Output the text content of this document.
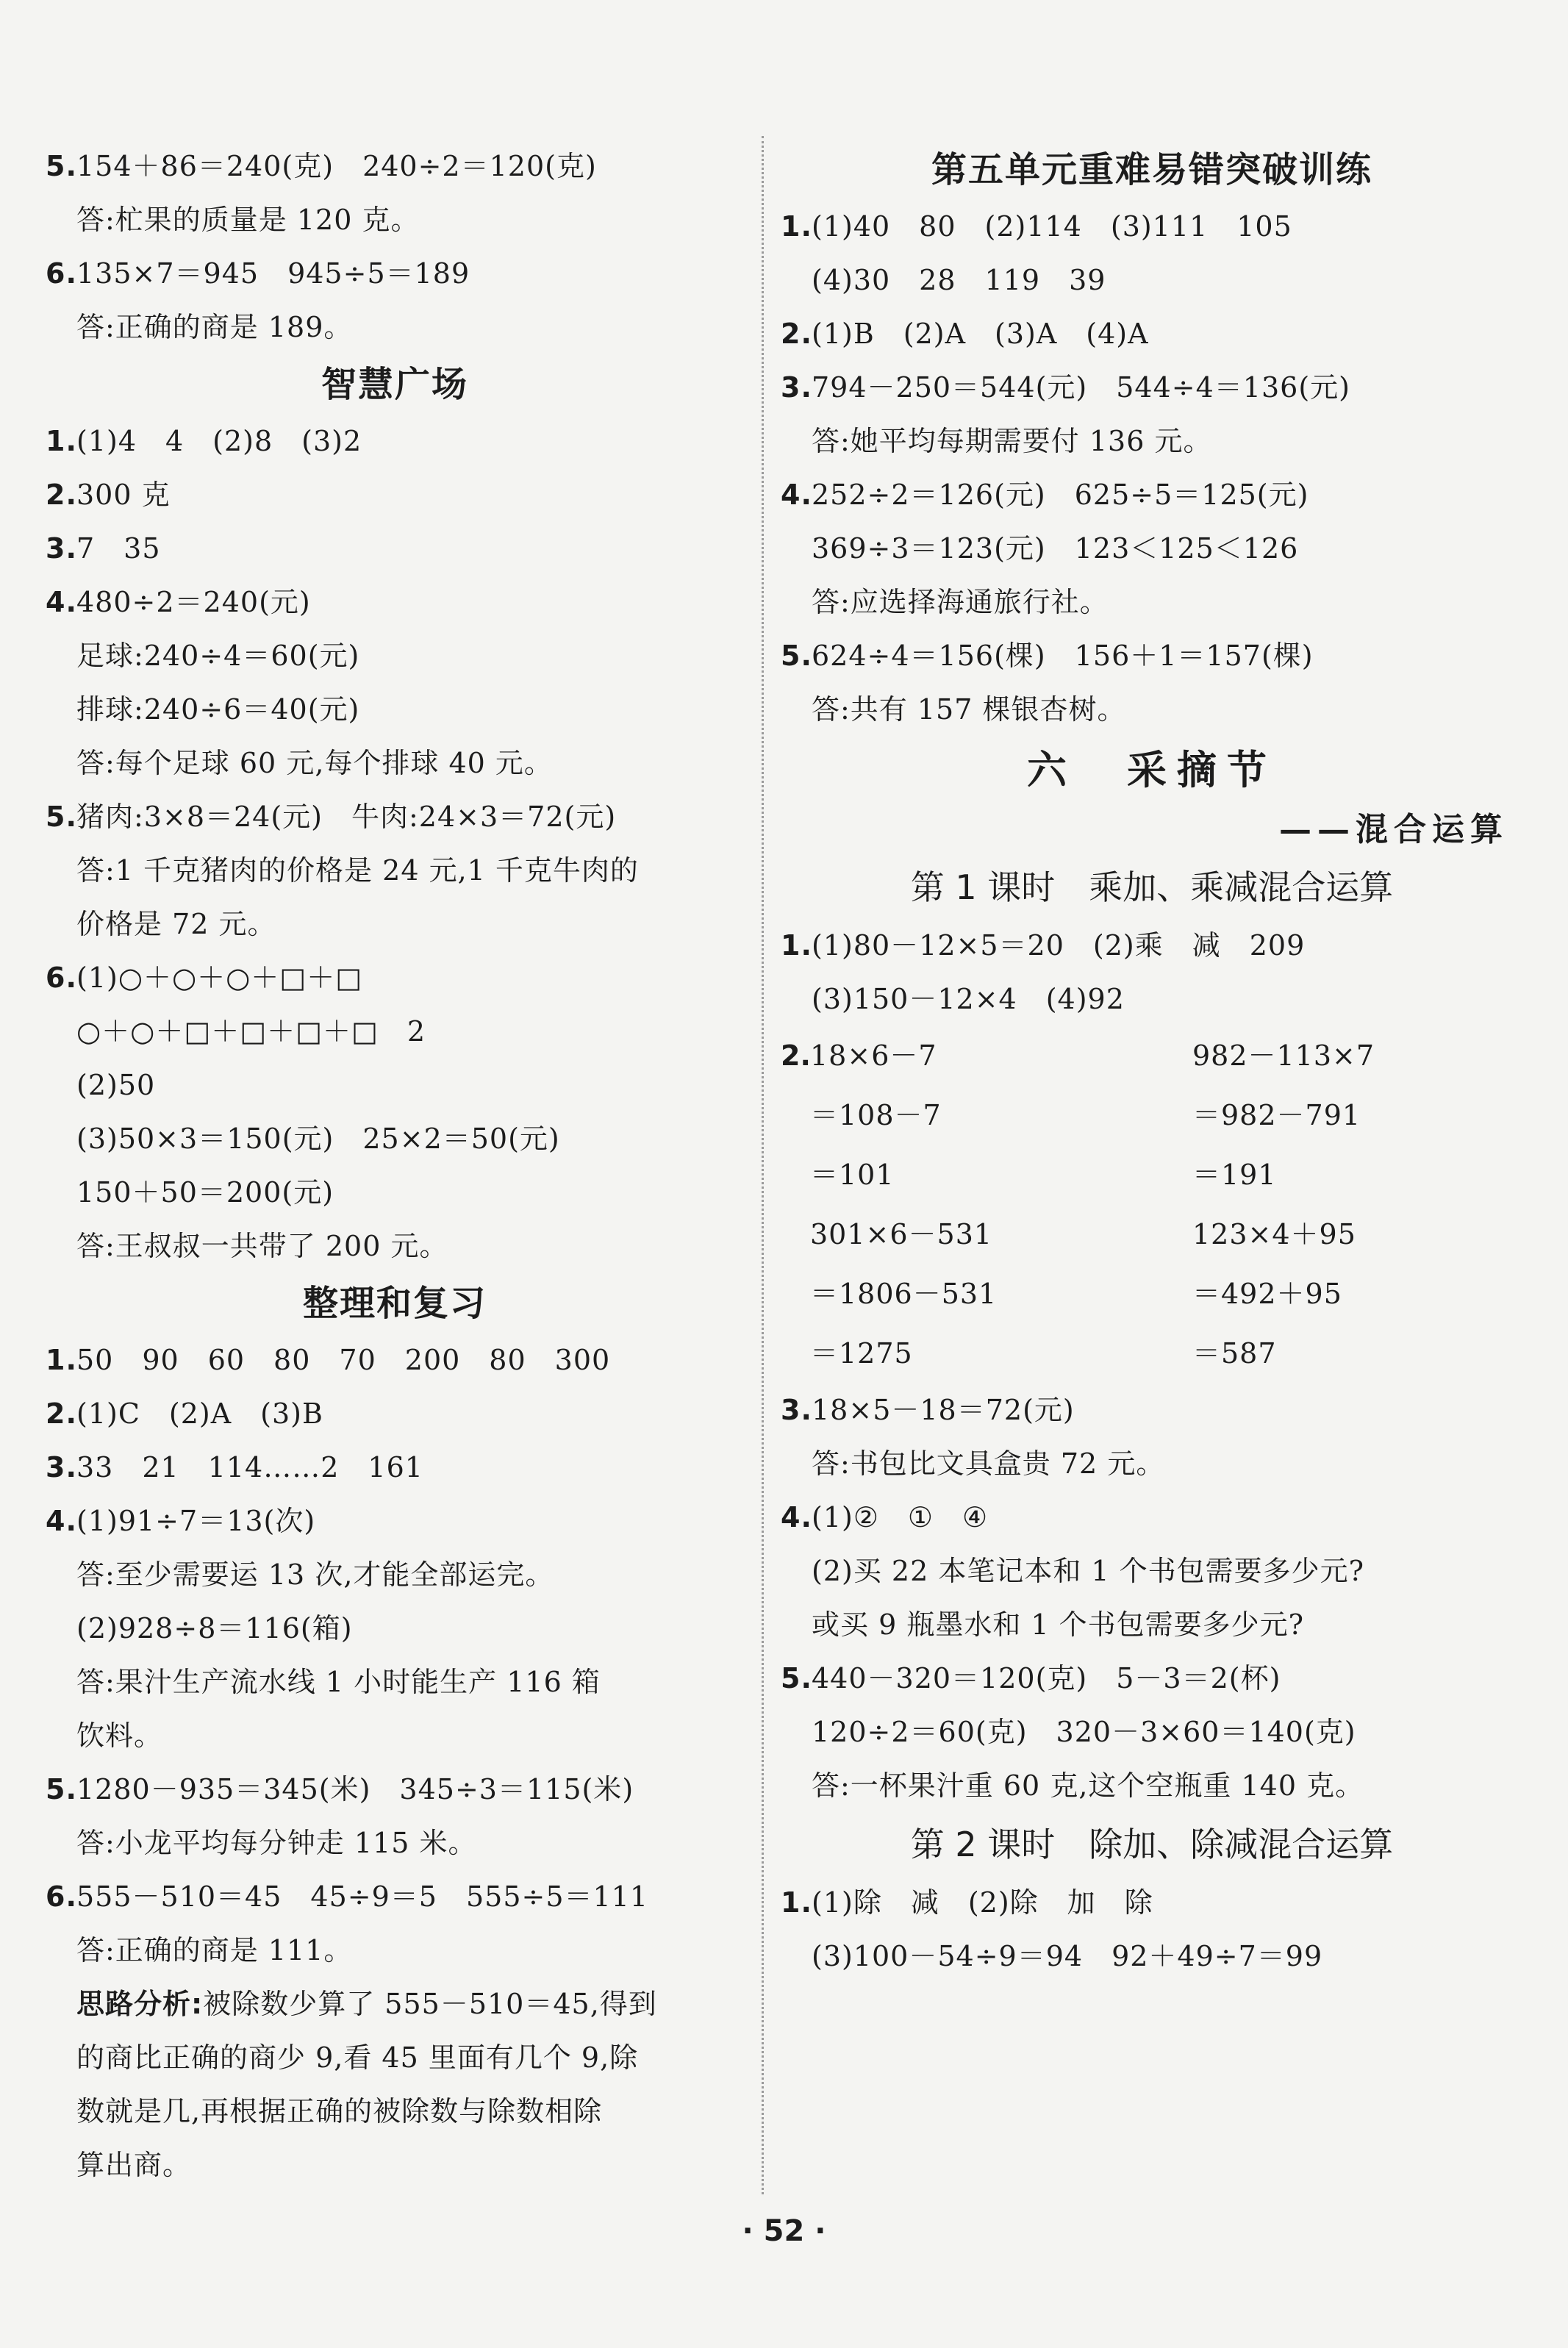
5.154＋86＝240(克)　240÷2＝120(克)
答:杧果的质量是 120 克。
6.135×7＝945　945÷5＝189
答:正确的商是 189。
智慧广场
1.(1)4　4　(2)8　(3)2
2.300 克
3.7　35
4.480÷2＝240(元)
足球:240÷4＝60(元)
排球:240÷6＝40(元)
答:每个足球 60 元,每个排球 40 元。
5.猪肉:3×8＝24(元)　牛肉:24×3＝72(元)
答:1 千克猪肉的价格是 24 元,1 千克牛肉的
价格是 72 元。
6.(1)○＋○＋○＋□＋□
○＋○＋□＋□＋□＋□　2
(2)50
(3)50×3＝150(元)　25×2＝50(元)
150＋50＝200(元)
答:王叔叔一共带了 200 元。
整理和复习
1.50　90　60　80　70　200　80　300
2.(1)C　(2)A　(3)B
3.33　21　114……2　161
4.(1)91÷7＝13(次)
答:至少需要运 13 次,才能全部运完。
(2)928÷8＝116(箱)
答:果汁生产流水线 1 小时能生产 116 箱
饮料。
5.1280－935＝345(米)　345÷3＝115(米)
答:小龙平均每分钟走 115 米。
6.555－510＝45　45÷9＝5　555÷5＝111
答:正确的商是 111。
思路分析:被除数少算了 555－510＝45,得到
的商比正确的商少 9,看 45 里面有几个 9,除
数就是几,再根据正确的被除数与除数相除
算出商。
第五单元重难易错突破训练
1.(1)40　80　(2)114　(3)111　105
(4)30　28　119　39
2.(1)B　(2)A　(3)A　(4)A
3.794－250＝544(元)　544÷4＝136(元)
答:她平均每期需要付 136 元。
4.252÷2＝126(元)　625÷5＝125(元)
369÷3＝123(元)　123＜125＜126
答:应选择海通旅行社。
5.624÷4＝156(棵)　156＋1＝157(棵)
答:共有 157 棵银杏树。
六　采摘节
——混合运算
第 1 课时　乘加、乘减混合运算
1.(1)80－12×5＝20　(2)乘　减　209
(3)150－12×4　(4)92
2. 18×6－7	982－113×7
＝108－7	＝982－791
＝101	＝191
301×6－531	123×4＋95
＝1806－531	＝492＋95
＝1275	＝587
3.18×5－18＝72(元)
答:书包比文具盒贵 72 元。
4.(1)②　①　④
(2)买 22 本笔记本和 1 个书包需要多少元?
或买 9 瓶墨水和 1 个书包需要多少元?
5.440－320＝120(克)　5－3＝2(杯)
120÷2＝60(克)　320－3×60＝140(克)
答:一杯果汁重 60 克,这个空瓶重 140 克。
第 2 课时　除加、除减混合运算
1.(1)除　减　(2)除　加　除
(3)100－54÷9＝94　92＋49÷7＝99
· 52 ·
